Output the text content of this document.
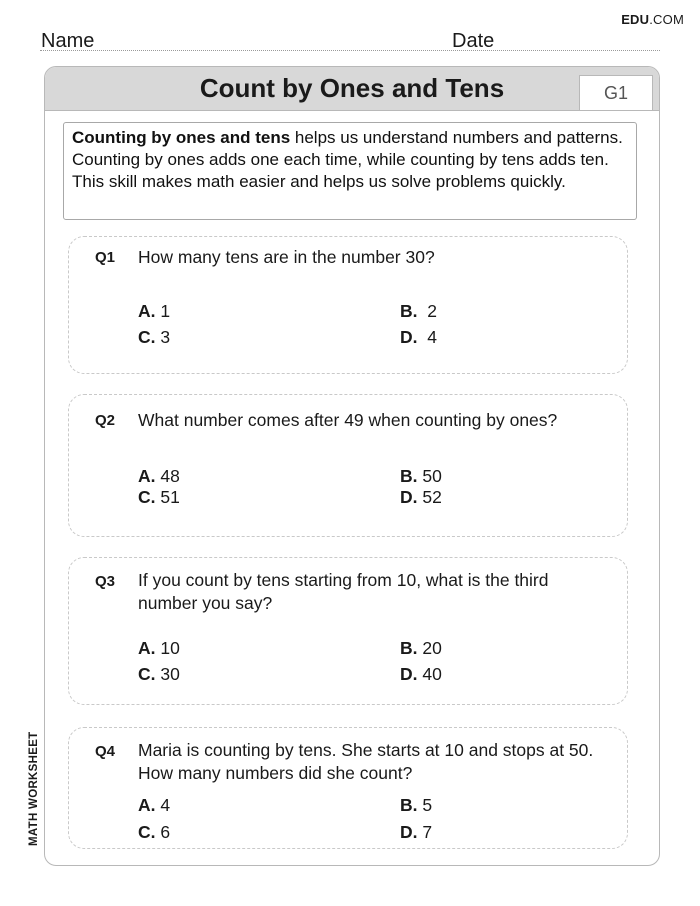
EDU.COM
Name	Date
Count by Ones and Tens	G1
Counting by ones and tens helps us understand numbers and patterns. Counting by ones adds one each time, while counting by tens adds ten. This skill makes math easier and helps us solve problems quickly.
Q1 How many tens are in the number 30?
A. 1	B. 2
C. 3	D. 4
Q2 What number comes after 49 when counting by ones?
A. 48	B. 50
C. 51	D. 52
Q3 If you count by tens starting from 10, what is the third number you say?
A. 10	B. 20
C. 30	D. 40
Q4 Maria is counting by tens. She starts at 10 and stops at 50. How many numbers did she count?
A. 4	B. 5
C. 6	D. 7
MATH WORKSHEET
